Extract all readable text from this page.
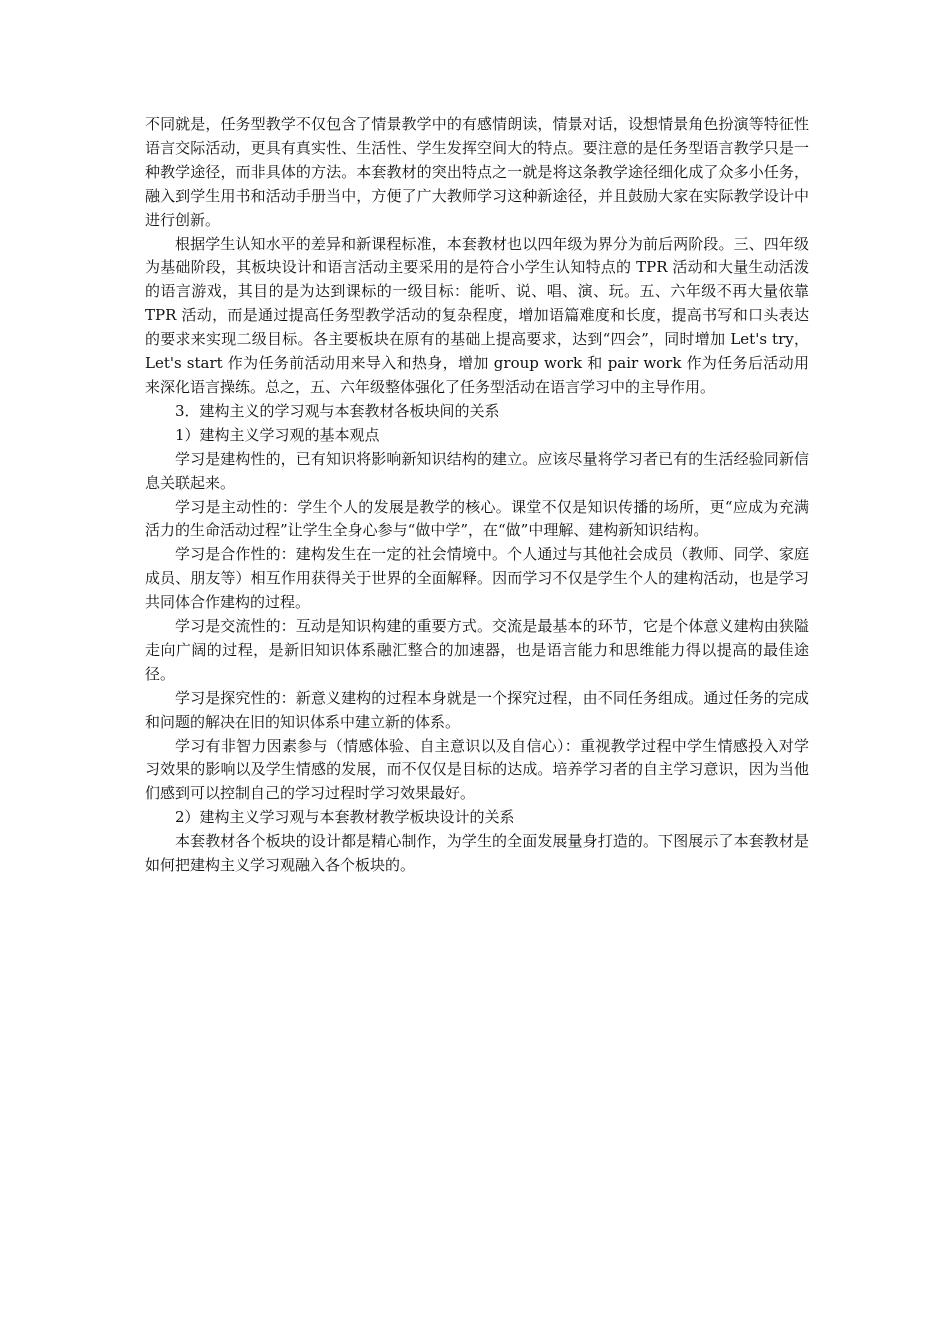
不同就是，任务型教学不仅包含了情景教学中的有感情朗读，情景对话，设想情景角色扮演等特征性语言交际活动，更具有真实性、生活性、学生发挥空间大的特点。要注意的是任务型语言教学只是一种教学途径，而非具体的方法。本套教材的突出特点之一就是将这条教学途径细化成了众多小任务，融入到学生用书和活动手册当中，方便了广大教师学习这种新途径，并且鼓励大家在实际教学设计中进行创新。

根据学生认知水平的差异和新课程标准，本套教材也以四年级为界分为前后两阶段。三、四年级为基础阶段，其板块设计和语言活动主要采用的是符合小学生认知特点的 TPR 活动和大量生动活泼的语言游戏，其目的是为达到课标的一级目标：能听、说、唱、演、玩。五、六年级不再大量依靠 TPR 活动，而是通过提高任务型教学活动的复杂程度，增加语篇难度和长度，提高书写和口头表达的要求来实现二级目标。各主要板块在原有的基础上提高要求，达到“四会”，同时增加 Let's try，Let's start 作为任务前活动用来导入和热身，增加 group work 和 pair work 作为任务后活动用来深化语言操练。总之，五、六年级整体强化了任务型活动在语言学习中的主导作用。

3．建构主义的学习观与本套教材各板块间的关系

1）建构主义学习观的基本观点

学习是建构性的，已有知识将影响新知识结构的建立。应该尽量将学习者已有的生活经验同新信息关联起来。

学习是主动性的：学生个人的发展是教学的核心。课堂不仅是知识传播的场所，更“应成为充满活力的生命活动过程”让学生全身心参与“做中学”，在“做”中理解、建构新知识结构。

学习是合作性的：建构发生在一定的社会情境中。个人通过与其他社会成员（教师、同学、家庭成员、朋友等）相互作用获得关于世界的全面解释。因而学习不仅是学生个人的建构活动，也是学习共同体合作建构的过程。

学习是交流性的：互动是知识构建的重要方式。交流是最基本的环节，它是个体意义建构由狭隘走向广阔的过程，是新旧知识体系融汇整合的加速器，也是语言能力和思维能力得以提高的最佳途径。

学习是探究性的：新意义建构的过程本身就是一个探究过程，由不同任务组成。通过任务的完成和问题的解决在旧的知识体系中建立新的体系。

学习有非智力因素参与（情感体验、自主意识以及自信心）：重视教学过程中学生情感投入对学习效果的影响以及学生情感的发展，而不仅仅是目标的达成。培养学习者的自主学习意识，因为当他们感到可以控制自己的学习过程时学习效果最好。

2）建构主义学习观与本套教材教学板块设计的关系

本套教材各个板块的设计都是精心制作，为学生的全面发展量身打造的。下图展示了本套教材是如何把建构主义学习观融入各个板块的。
